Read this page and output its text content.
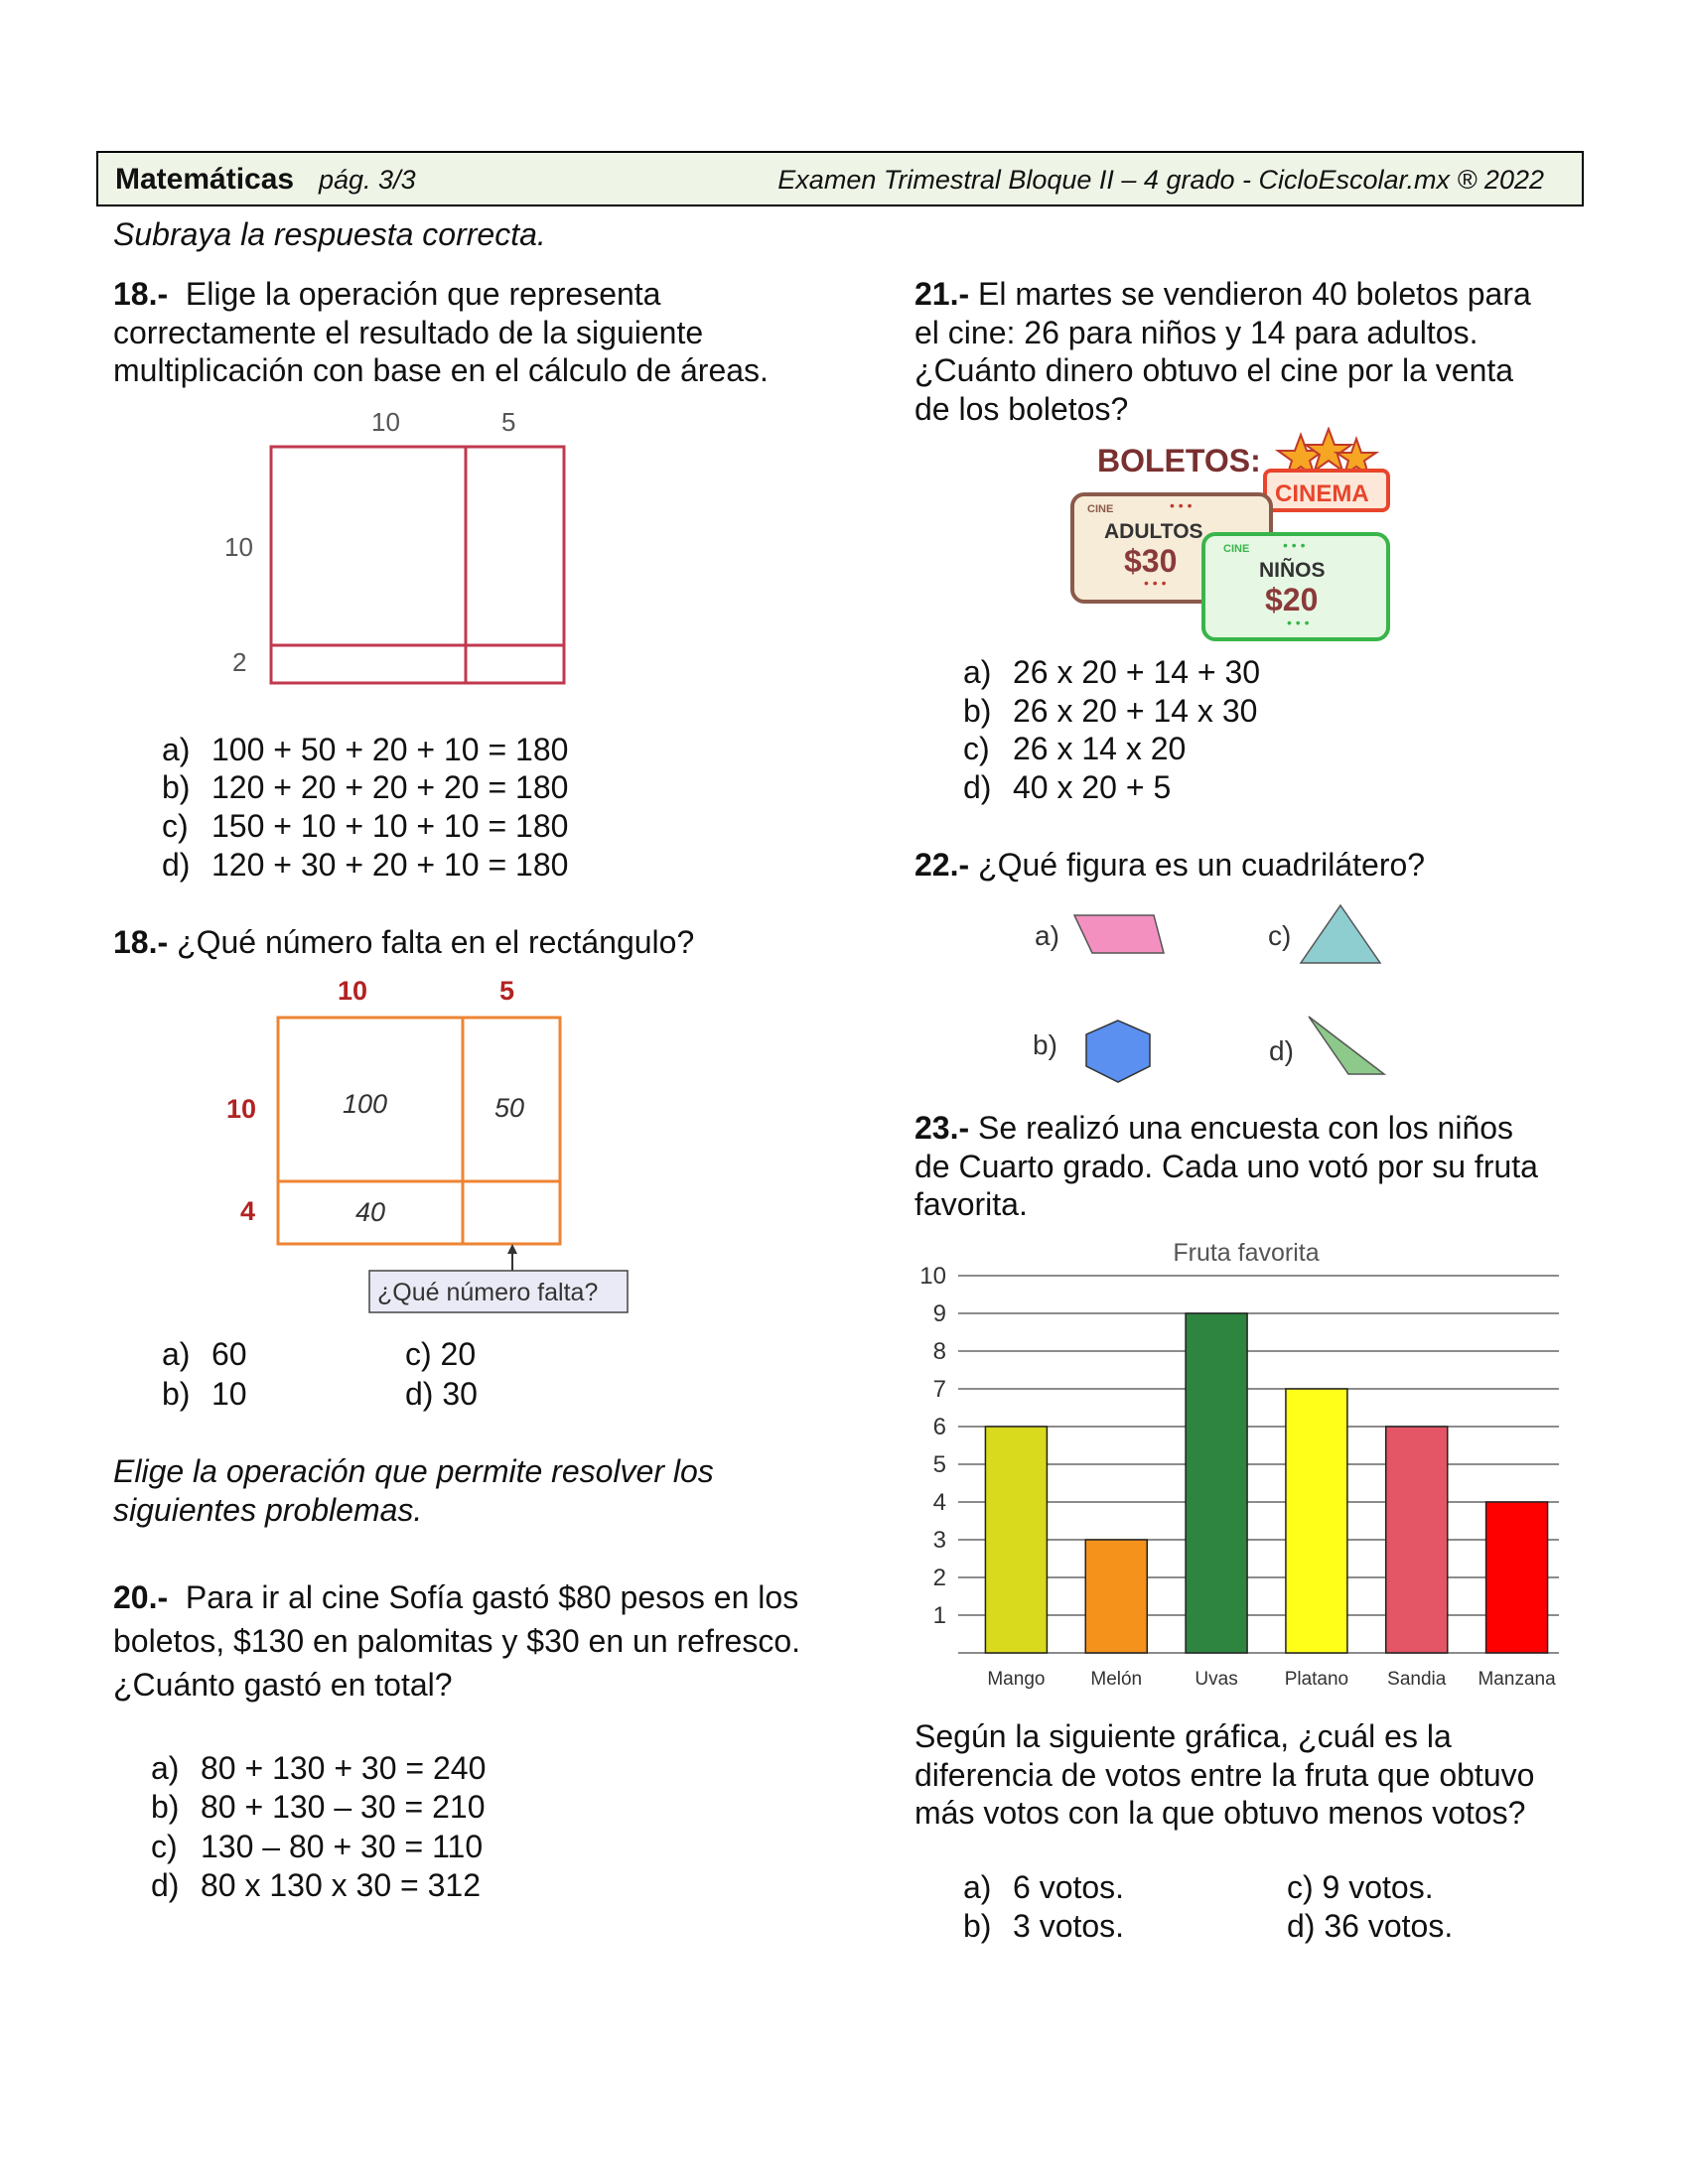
Matemáticas pág. 3/3	Examen Trimestral Bloque II – 4 grado - CicloEscolar.mx ® 2022
Subraya la respuesta correcta.
18.- Elige la operación que representa
correctamente el resultado de la siguiente
multiplicación con base en el cálculo de áreas.
10	5
10
2
a) 100 + 50 + 20 + 10 = 180
b) 120 + 20 + 20 + 20 = 180
c) 150 + 10 + 10 + 10 = 180
d) 120 + 30 + 20 + 10 = 180
18.- ¿Qué número falta en el rectángulo?
10	5
10
4
100	50
40
¿Qué número falta?
a) 60	c) 20
b) 10	d) 30
Elige la operación que permite resolver los
siguientes problemas.
20.- Para ir al cine Sofía gastó $80 pesos en los
boletos, $130 en palomitas y $30 en un refresco.
¿Cuánto gastó en total?
a) 80 + 130 + 30 = 240
b) 80 + 130 – 30 = 210
c) 130 – 80 + 30 = 110
d) 80 x 130 x 30 = 312
21.- El martes se vendieron 40 boletos para
el cine: 26 para niños y 14 para adultos.
¿Cuánto dinero obtuvo el cine por la venta
de los boletos?
BOLETOS:
CINEMA
CINE	• • •
ADULTOS
$30
• • •
CINE • • •
NIÑOS
$20
• • •
a) 26 x 20 + 14 + 30
b) 26 x 20 + 14 x 30
c) 26 x 14 x 20
d) 40 x 20 + 5
22.- ¿Qué figura es un cuadrilátero?
a)	c)
b)	d)
23.- Se realizó una encuesta con los niños
de Cuarto grado. Cada uno votó por su fruta
favorita.
Fruta favorita
1
2
3
4
5
6
7
8
9
10
Mango Melón	Uvas Platano Sandia Manzana
Según la siguiente gráfica, ¿cuál es la
diferencia de votos entre la fruta que obtuvo
más votos con la que obtuvo menos votos?
a) 6 votos.	c) 9 votos.
b) 3 votos.	d) 36 votos.
